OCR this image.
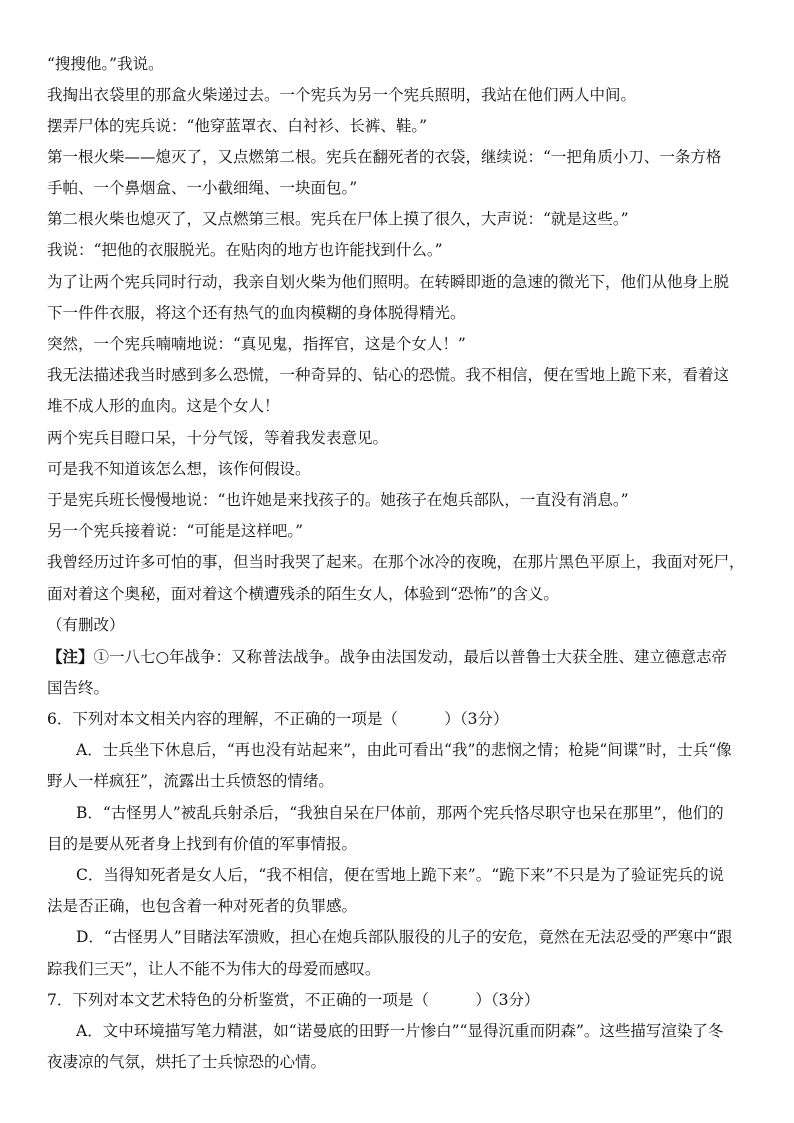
“搜搜他。”我说。
我掏出衣袋里的那盒火柴递过去。一个宪兵为另一个宪兵照明，我站在他们两人中间。
摆弄尸体的宪兵说：“他穿蓝罩衣、白衬衫、长裤、鞋。”
第一根火柴——熄灭了，又点燃第二根。宪兵在翻死者的衣袋，继续说：“一把角质小刀、一条方格
手帕、一个鼻烟盒、一小截细绳、一块面包。”
第二根火柴也熄灭了，又点燃第三根。宪兵在尸体上摸了很久，大声说：“就是这些。”
我说：“把他的衣服脱光。在贴肉的地方也许能找到什么。”
为了让两个宪兵同时行动，我亲自划火柴为他们照明。在转瞬即逝的急速的微光下，他们从他身上脱
下一件件衣服，将这个还有热气的血肉模糊的身体脱得精光。
突然，一个宪兵喃喃地说：“真见鬼，指挥官，这是个女人！”
我无法描述我当时感到多么恐慌，一种奇异的、钻心的恐慌。我不相信，便在雪地上跪下来，看着这
堆不成人形的血肉。这是个女人！
两个宪兵目瞪口呆，十分气馁，等着我发表意见。
可是我不知道该怎么想，该作何假设。
于是宪兵班长慢慢地说：“也许她是来找孩子的。她孩子在炮兵部队，一直没有消息。”
另一个宪兵接着说：“可能是这样吧。”
我曾经历过许多可怕的事，但当时我哭了起来。在那个冰冷的夜晚，在那片黑色平原上，我面对死尸，
面对着这个奥秘，面对着这个横遭残杀的陌生女人，体验到“恐怖”的含义。
（有删改）
【注】①一八七○年战争：又称普法战争。战争由法国发动，最后以普鲁士大获全胜、建立德意志帝
国告终。
6．下列对本文相关内容的理解，不正确的一项是（　　　）（3分）
A．士兵坐下休息后，“再也没有站起来”，由此可看出“我”的悲悯之情；枪毙“间谍”时，士兵“像
野人一样疯狂”，流露出士兵愤怒的情绪。
B．“古怪男人”被乱兵射杀后，“我独自呆在尸体前，那两个宪兵恪尽职守也呆在那里”，他们的
目的是要从死者身上找到有价值的军事情报。
C．当得知死者是女人后，“我不相信，便在雪地上跪下来”。“跪下来”不只是为了验证宪兵的说
法是否正确，也包含着一种对死者的负罪感。
D．“古怪男人”目睹法军溃败，担心在炮兵部队服役的儿子的安危，竟然在无法忍受的严寒中“跟
踪我们三天”，让人不能不为伟大的母爱而感叹。
7．下列对本文艺术特色的分析鉴赏，不正确的一项是（　　　）（3分）
A．文中环境描写笔力精湛，如“诺曼底的田野一片惨白”“显得沉重而阴森”。这些描写渲染了冬
夜凄凉的气氛，烘托了士兵惊恐的心情。
